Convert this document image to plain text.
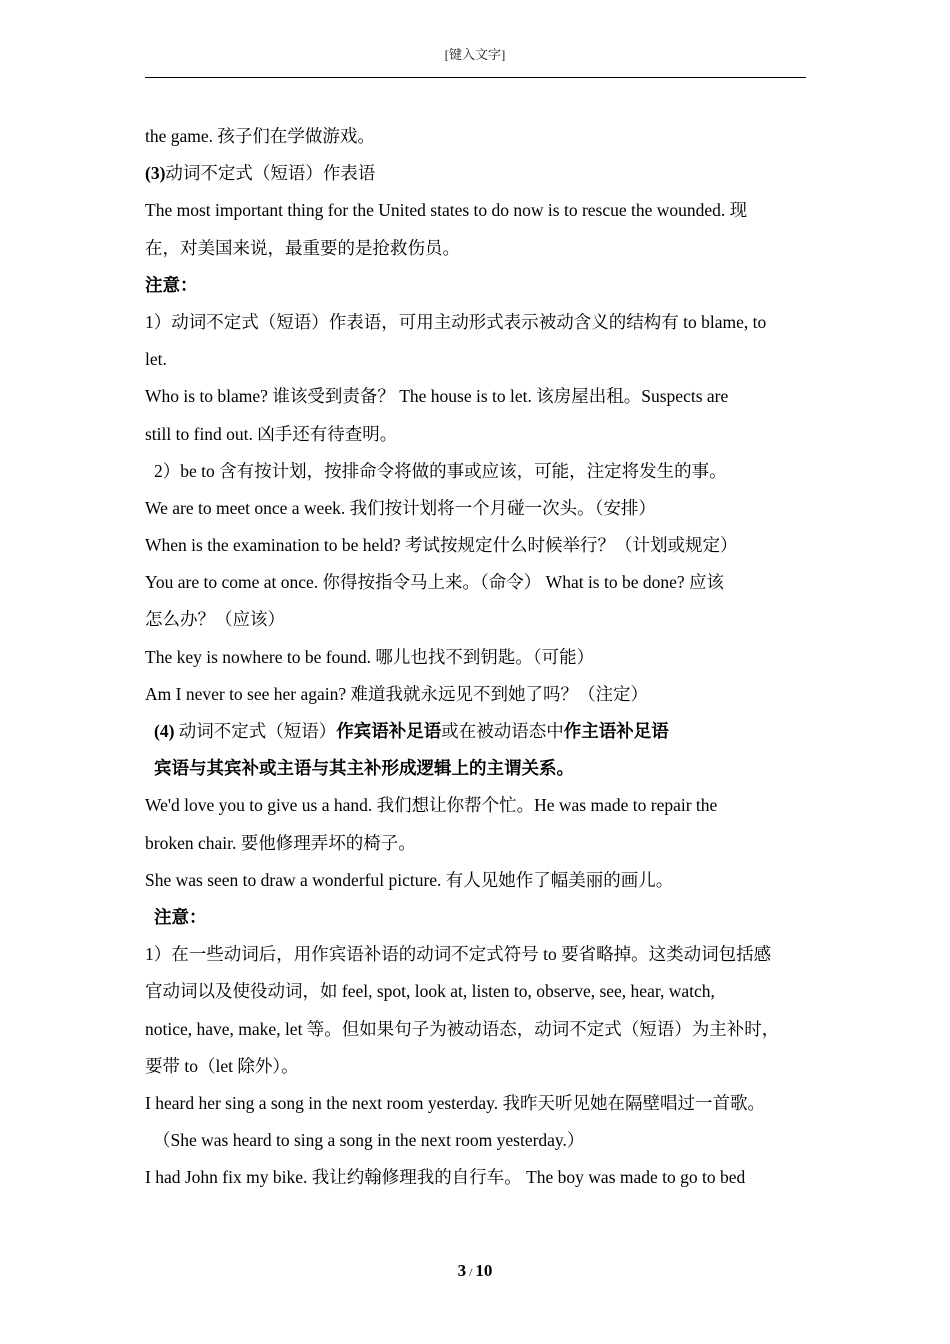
[键入文字]
the game. 孩子们在学做游戏。
(3)动词不定式（短语）作表语
The most important thing for the United states to do now is to rescue the wounded. 现
在，对美国来说，最重要的是抢救伤员。
注意：
1）动词不定式（短语）作表语，可用主动形式表示被动含义的结构有 to blame, to
let.
Who is to blame? 谁该受到责备？ The house is to let. 该房屋出租。Suspects are
still to find out. 凶手还有待查明。
2）be to 含有按计划，按排命令将做的事或应该，可能，注定将发生的事。
We are to meet once a week. 我们按计划将一个月碰一次头。（安排）
When is the examination to be held? 考试按规定什么时候举行？（计划或规定）
You are to come at once. 你得按指令马上来。（命令） What is to be done? 应该
怎么办？（应该）
The key is nowhere to be found. 哪儿也找不到钥匙。（可能）
Am I never to see her again? 难道我就永远见不到她了吗？（注定）
(4) 动词不定式（短语）作宾语补足语或在被动语态中作主语补足语
宾语与其宾补或主语与其主补形成逻辑上的主谓关系。
We'd love you to give us a hand. 我们想让你帮个忙。He was made to repair the
broken chair. 要他修理弄坏的椅子。
She was seen to draw a wonderful picture. 有人见她作了幅美丽的画儿。
注意：
1）在一些动词后，用作宾语补语的动词不定式符号 to 要省略掉。这类动词包括感
官动词以及使役动词，如 feel, spot, look at, listen to, observe, see, hear, watch,
notice, have, make, let 等。但如果句子为被动语态，动词不定式（短语）为主补时，
要带 to（let 除外）。
I heard her sing a song in the next room yesterday. 我昨天听见她在隔壁唱过一首歌。
（She was heard to sing a song in the next room yesterday.）
I had John fix my bike. 我让约翰修理我的自行车。 The boy was made to go to bed
3 / 10
